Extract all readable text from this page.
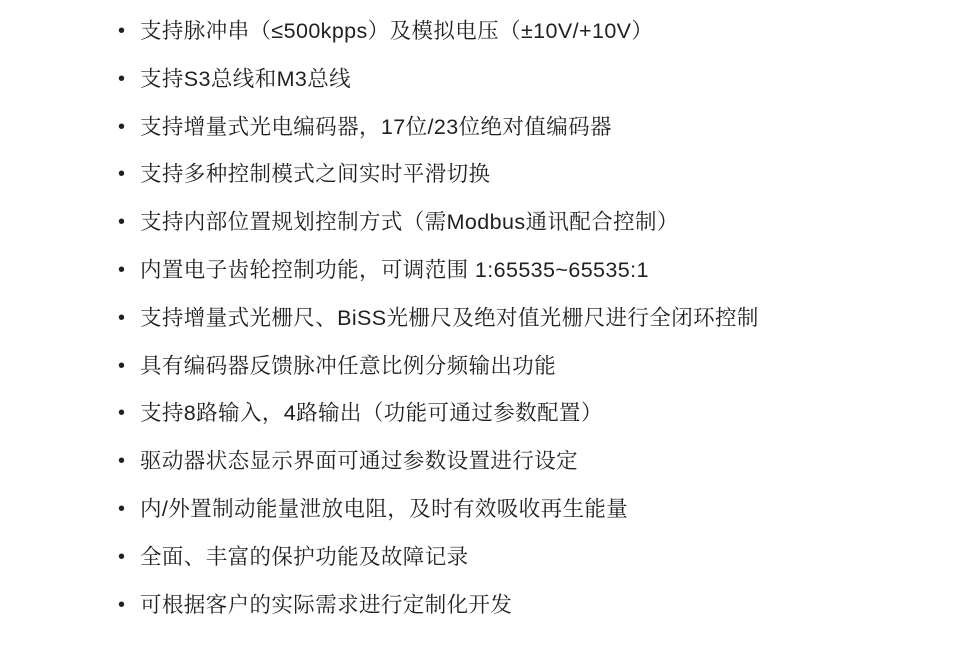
• 支持脉冲串（≤500kpps）及模拟电压（±10V/+10V）
• 支持S3总线和M3总线
• 支持增量式光电编码器，17位/23位绝对值编码器
• 支持多种控制模式之间实时平滑切换
• 支持内部位置规划控制方式（需Modbus通讯配合控制）
• 内置电子齿轮控制功能，可调范围 1:65535~65535:1
• 支持增量式光栅尺、BiSS光栅尺及绝对值光栅尺进行全闭环控制
• 具有编码器反馈脉冲任意比例分频输出功能
• 支持8路输入，4路输出（功能可通过参数配置）
• 驱动器状态显示界面可通过参数设置进行设定
• 内/外置制动能量泄放电阻，及时有效吸收再生能量
• 全面、丰富的保护功能及故障记录
• 可根据客户的实际需求进行定制化开发
